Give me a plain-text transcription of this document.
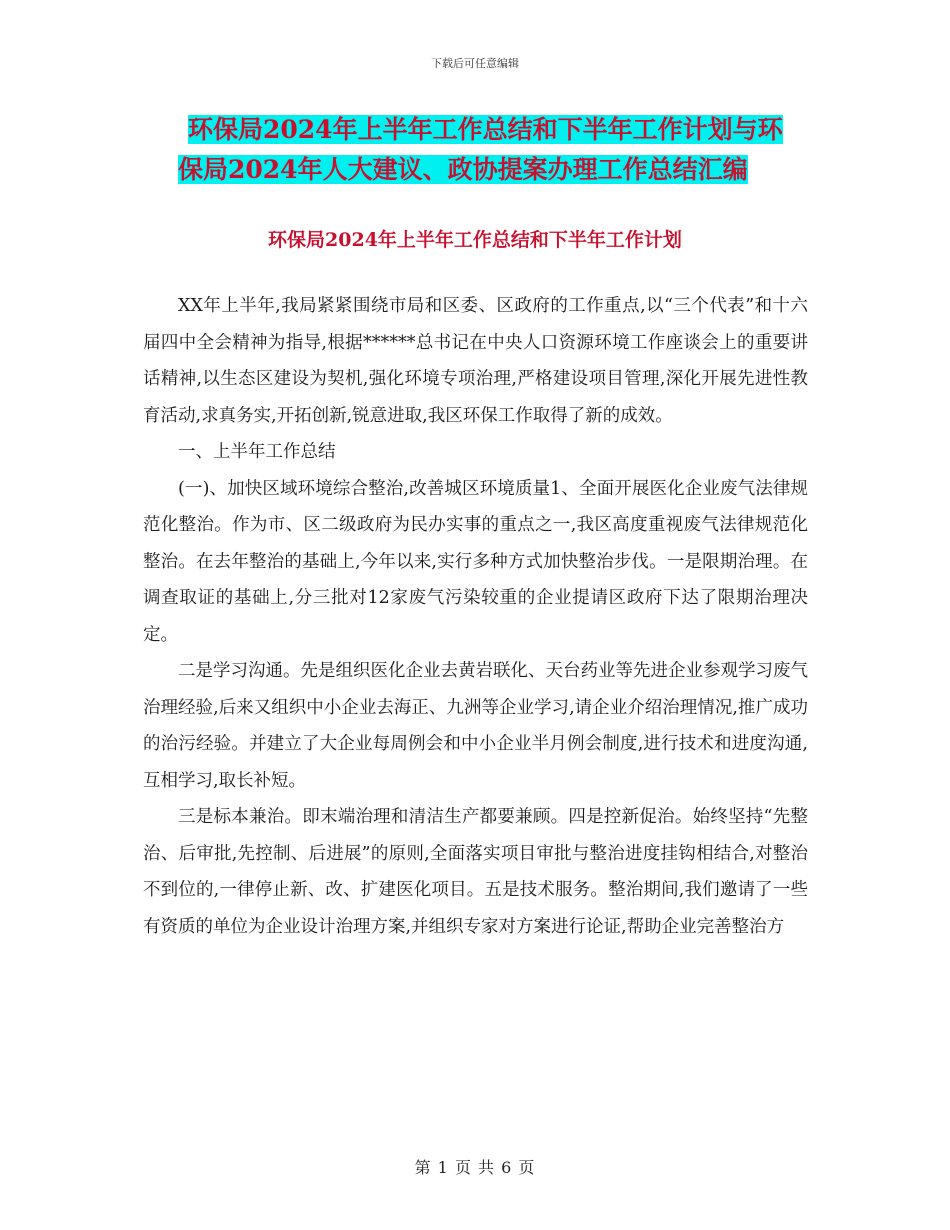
下载后可任意编辑
环保局2024年上半年工作总结和下半年工作计划与环
保局2024年人大建议、政协提案办理工作总结汇编
环保局2024年上半年工作总结和下半年工作计划

XX年上半年,我局紧紧围绕市局和区委、区政府的工作重点,以“三个代表”和十六届四中全会精神为指导,根据******总书记在中央人口资源环境工作座谈会上的重要讲话精神,以生态区建设为契机,强化环境专项治理,严格建设项目管理,深化开展先进性教育活动,求真务实,开拓创新,锐意进取,我区环保工作取得了新的成效。

一、上半年工作总结

(一)、加快区域环境综合整治,改善城区环境质量1、全面开展医化企业废气法律规范化整治。作为市、区二级政府为民办实事的重点之一,我区高度重视废气法律规范化整治。在去年整治的基础上,今年以来,实行多种方式加快整治步伐。一是限期治理。在调查取证的基础上,分三批对12家废气污染较重的企业提请区政府下达了限期治理决定。

二是学习沟通。先是组织医化企业去黄岩联化、天台药业等先进企业参观学习废气治理经验,后来又组织中小企业去海正、九洲等企业学习,请企业介绍治理情况,推广成功的治污经验。并建立了大企业每周例会和中小企业半月例会制度,进行技术和进度沟通,互相学习,取长补短。

三是标本兼治。即末端治理和清洁生产都要兼顾。四是控新促治。始终坚持“先整治、后审批,先控制、后进展”的原则,全面落实项目审批与整治进度挂钩相结合,对整治不到位的,一律停止新、改、扩建医化项目。五是技术服务。整治期间,我们邀请了一些有资质的单位为企业设计治理方案,并组织专家对方案进行论证,帮助企业完善整治方

第 1 页 共 6 页
